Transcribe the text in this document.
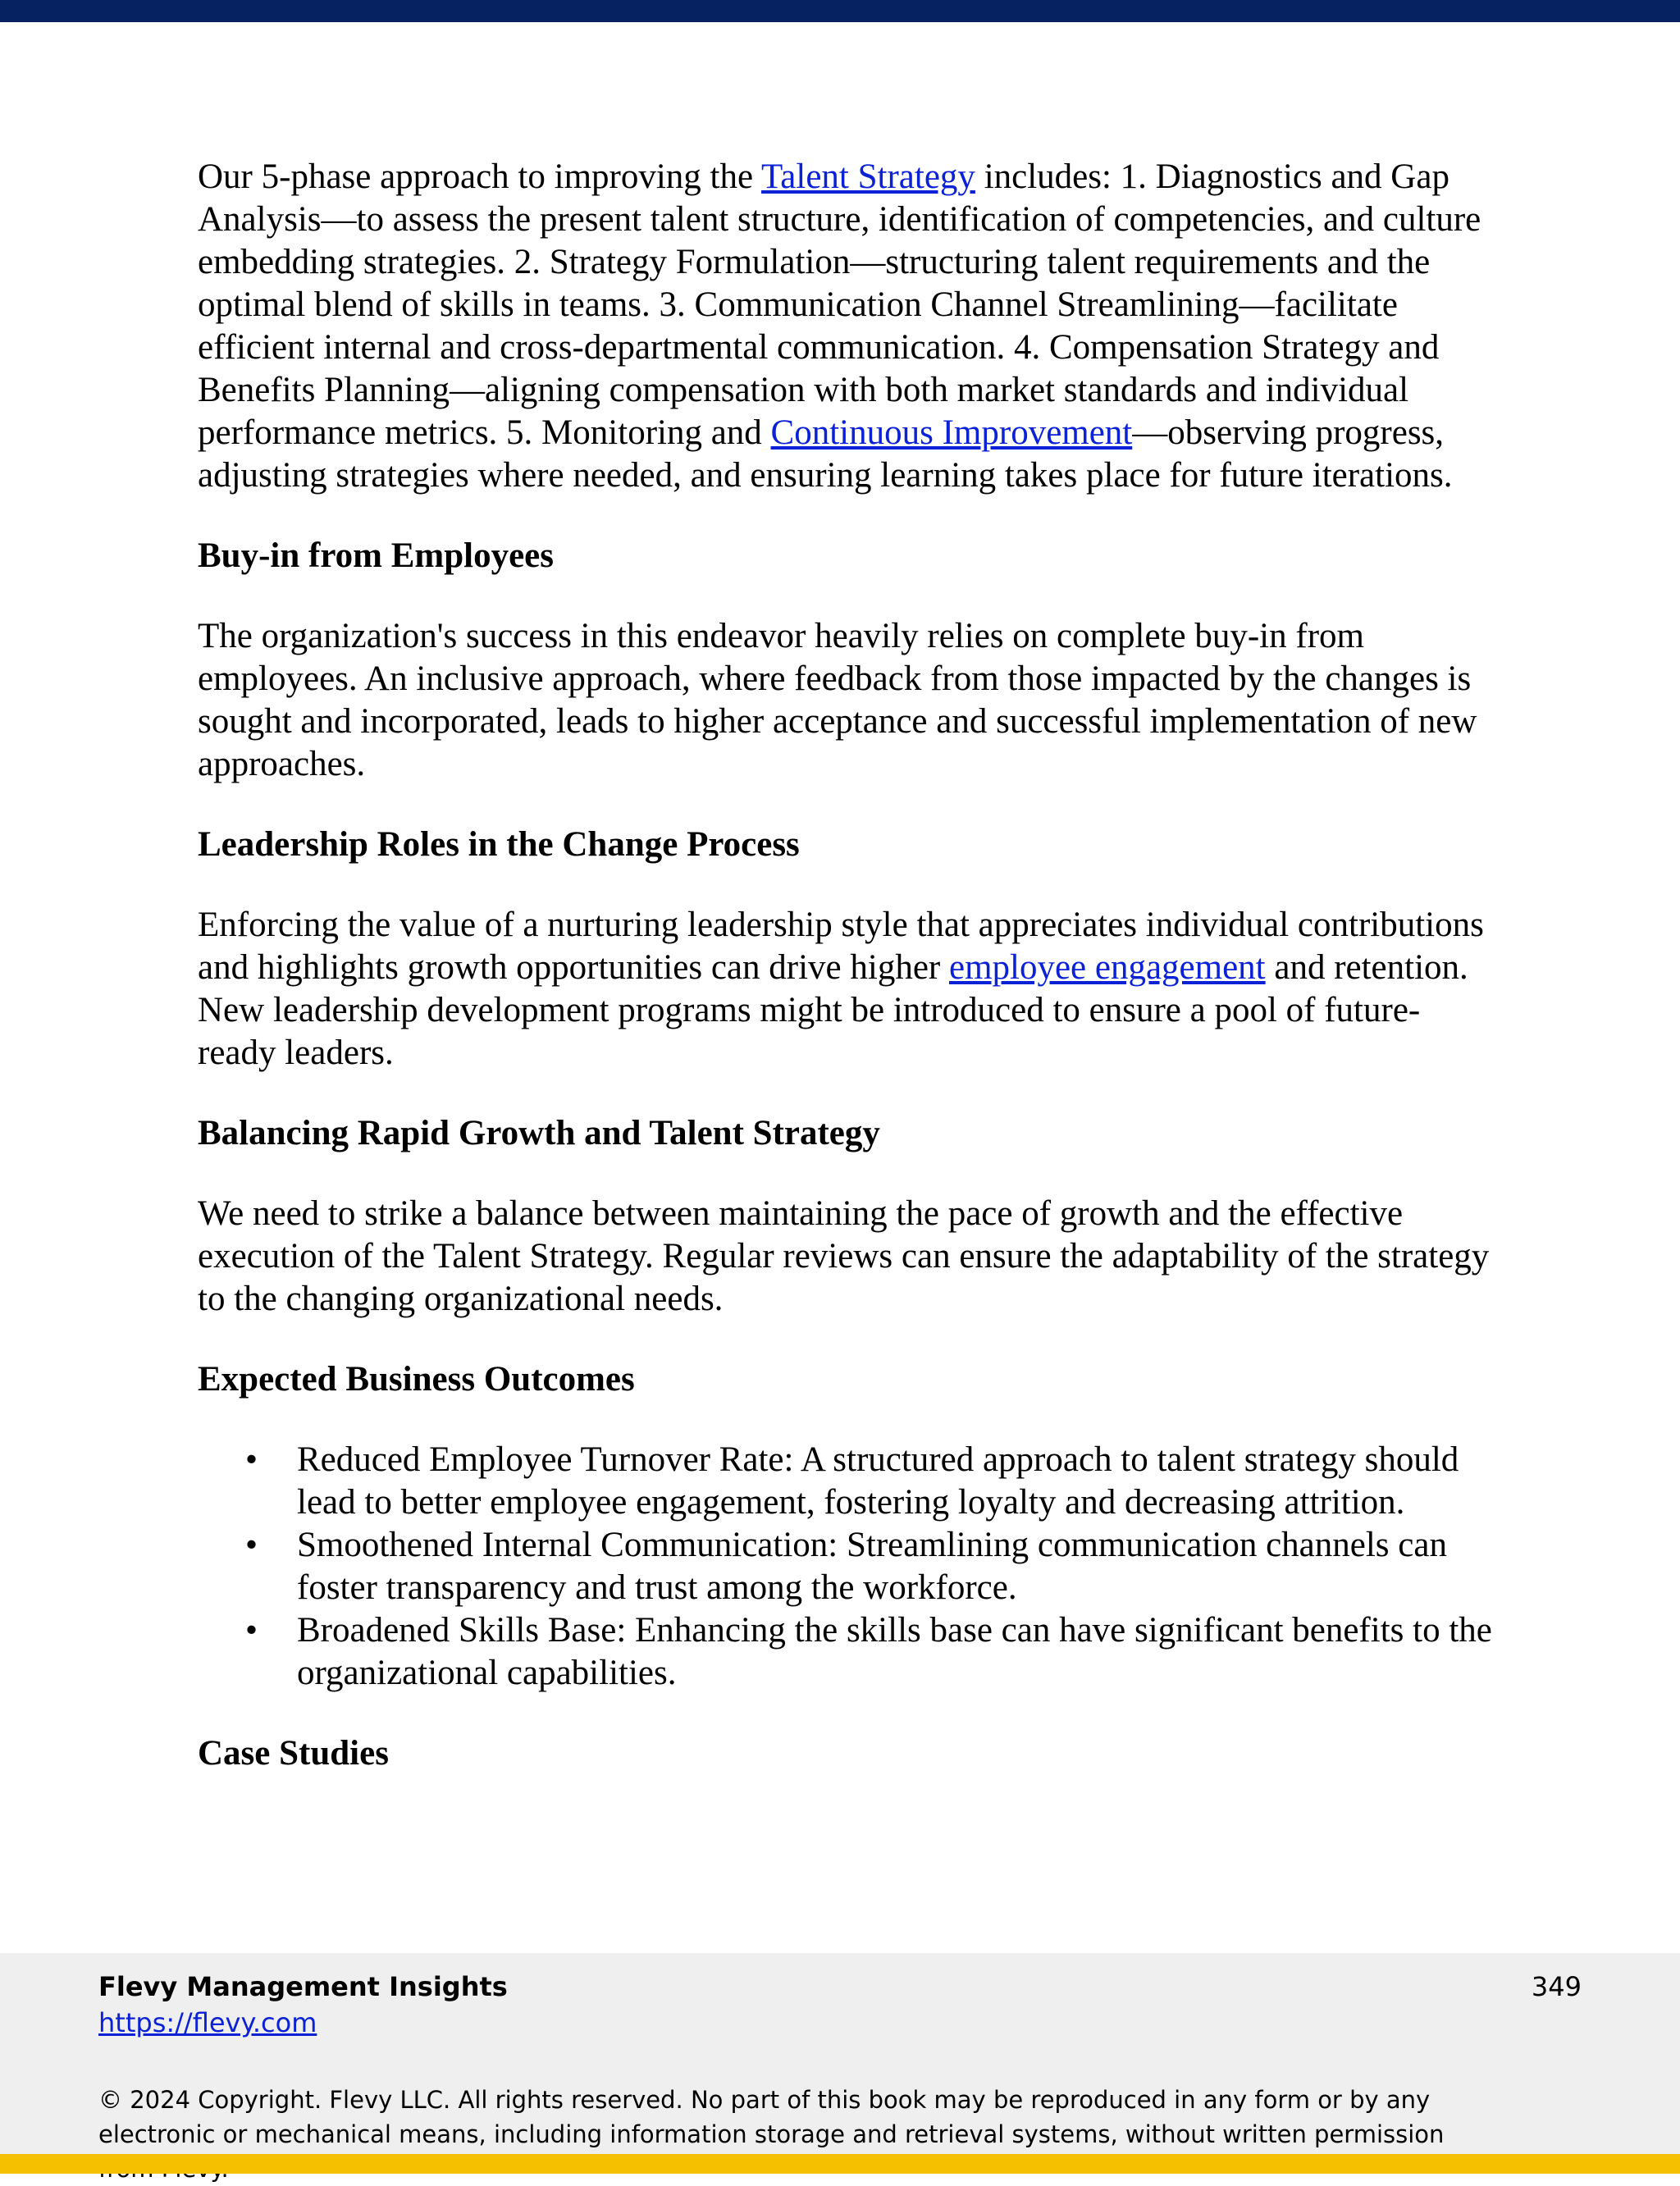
Our 5-phase approach to improving the Talent Strategy includes: 1. Diagnostics and Gap Analysis—to assess the present talent structure, identification of competencies, and culture embedding strategies. 2. Strategy Formulation—structuring talent requirements and the optimal blend of skills in teams. 3. Communication Channel Streamlining—facilitate efficient internal and cross-departmental communication. 4. Compensation Strategy and Benefits Planning—aligning compensation with both market standards and individual performance metrics. 5. Monitoring and Continuous Improvement—observing progress, adjusting strategies where needed, and ensuring learning takes place for future iterations.

Buy-in from Employees

The organization's success in this endeavor heavily relies on complete buy-in from employees. An inclusive approach, where feedback from those impacted by the changes is sought and incorporated, leads to higher acceptance and successful implementation of new approaches.

Leadership Roles in the Change Process

Enforcing the value of a nurturing leadership style that appreciates individual contributions and highlights growth opportunities can drive higher employee engagement and retention. New leadership development programs might be introduced to ensure a pool of future-ready leaders.

Balancing Rapid Growth and Talent Strategy

We need to strike a balance between maintaining the pace of growth and the effective execution of the Talent Strategy. Regular reviews can ensure the adaptability of the strategy to the changing organizational needs.

Expected Business Outcomes
• Reduced Employee Turnover Rate: A structured approach to talent strategy should lead to better employee engagement, fostering loyalty and decreasing attrition.
• Smoothened Internal Communication: Streamlining communication channels can foster transparency and trust among the workforce.
• Broadened Skills Base: Enhancing the skills base can have significant benefits to the organizational capabilities.
Case Studies
Flevy Management Insights
https://flevy.com
349
© 2024 Copyright. Flevy LLC. All rights reserved. No part of this book may be reproduced in any form or by any electronic or mechanical means, including information storage and retrieval systems, without written permission
